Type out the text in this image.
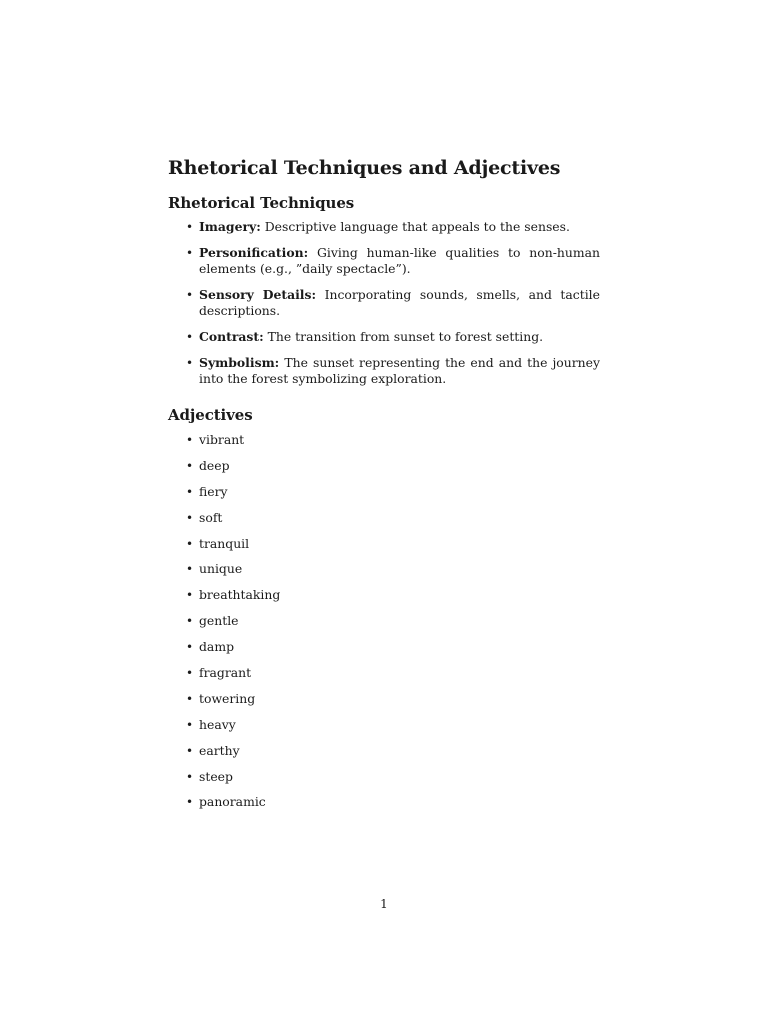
Rhetorical Techniques and Adjectives
Rhetorical Techniques
• Imagery: Descriptive language that appeals to the senses.
• Personification: Giving human-like qualities to non-human elements (e.g., ”daily spectacle”).
• Sensory Details: Incorporating sounds, smells, and tactile descriptions.
• Contrast: The transition from sunset to forest setting.
• Symbolism: The sunset representing the end and the journey into the forest symbolizing exploration.
Adjectives
• vibrant
• deep
• fiery
• soft
• tranquil
• unique
• breathtaking
• gentle
• damp
• fragrant
• towering
• heavy
• earthy
• steep
• panoramic
1
